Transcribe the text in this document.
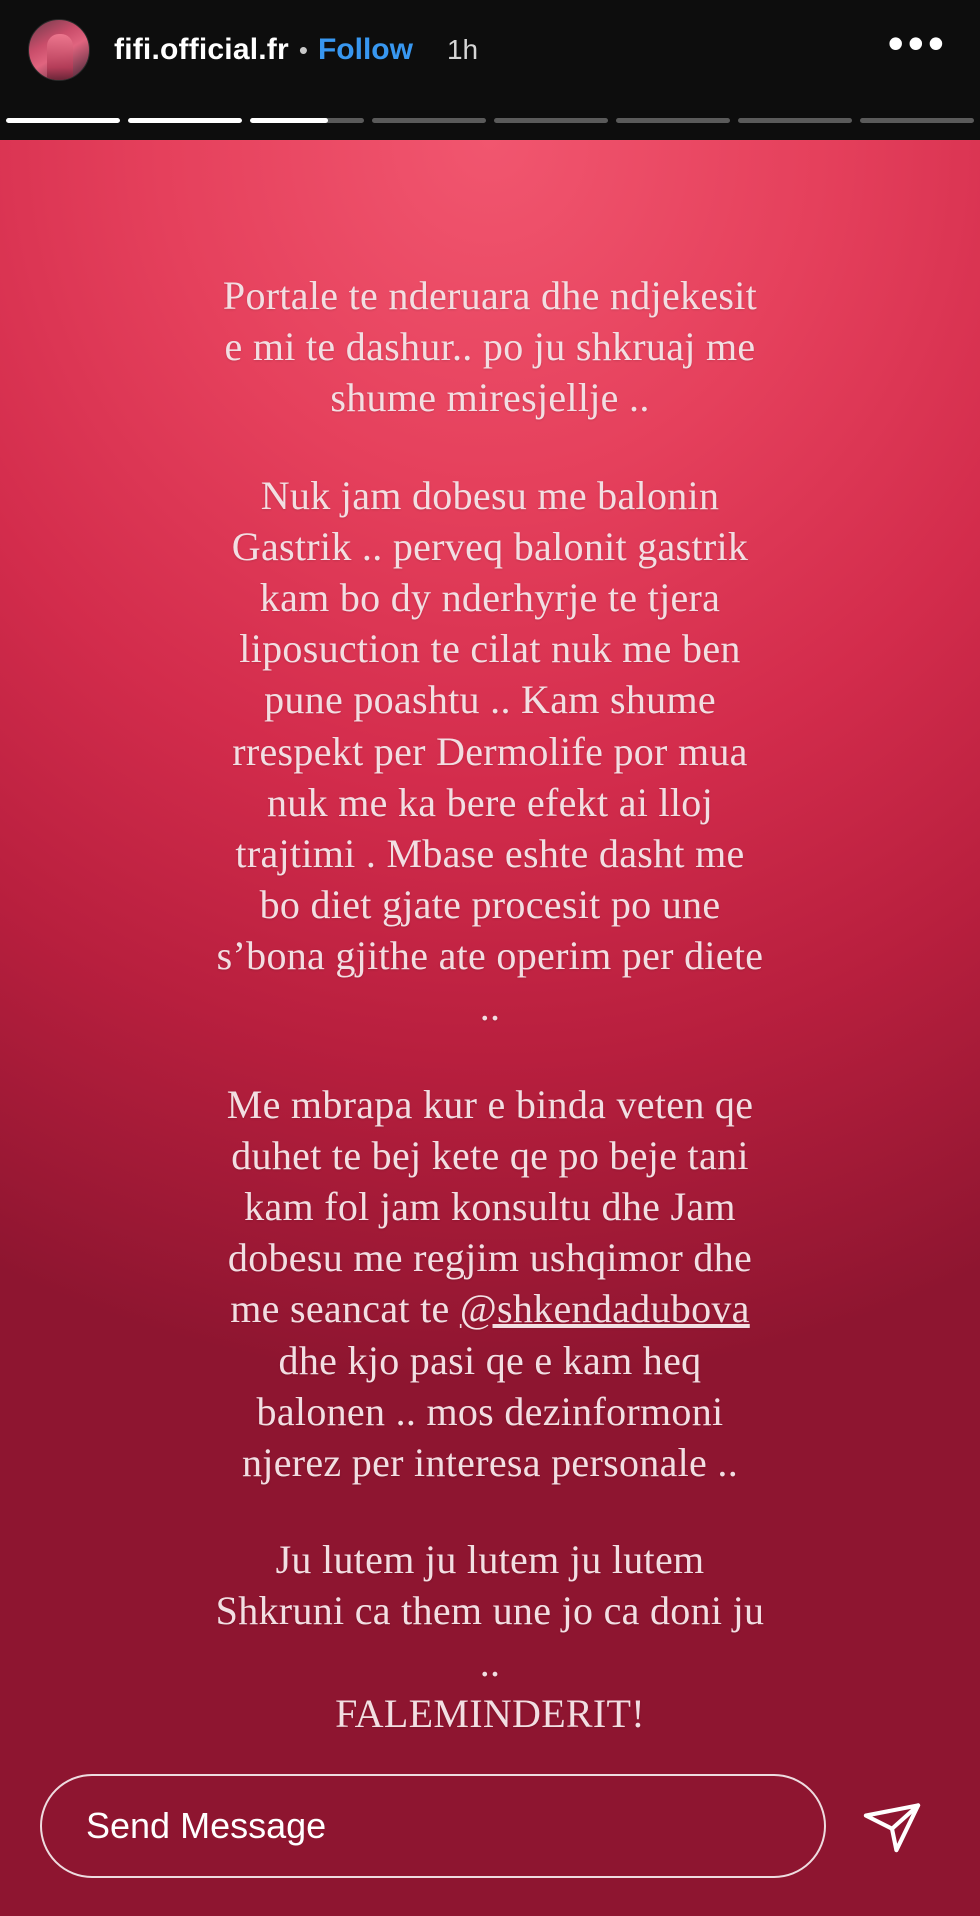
fifi.official.fr • Follow 1h	•••

Portale te nderuara dhe ndjekesit e mi te dashur.. po ju shkruaj me shume miresjellje ..

Nuk jam dobesu me balonin Gastrik .. perveq balonit gastrik kam bo dy nderhyrje te tjera liposuction te cilat nuk me ben pune poashtu .. Kam shume rrespekt per Dermolife por mua nuk me ka bere efekt ai lloj trajtimi . Mbase eshte dasht me bo diet gjate procesit po une s’bona gjithe ate operim per diete ..

Me mbrapa kur e binda veten qe duhet te bej kete qe po beje tani kam fol jam konsultu dhe Jam dobesu me regjim ushqimor dhe me seancat te @shkendadubova dhe kjo pasi qe e kam heq balonen .. mos dezinformoni njerez per interesa personale ..

Ju lutem ju lutem ju lutem Shkruni ca them une jo ca doni ju ..

FALEMINDERIT!

Send Message
